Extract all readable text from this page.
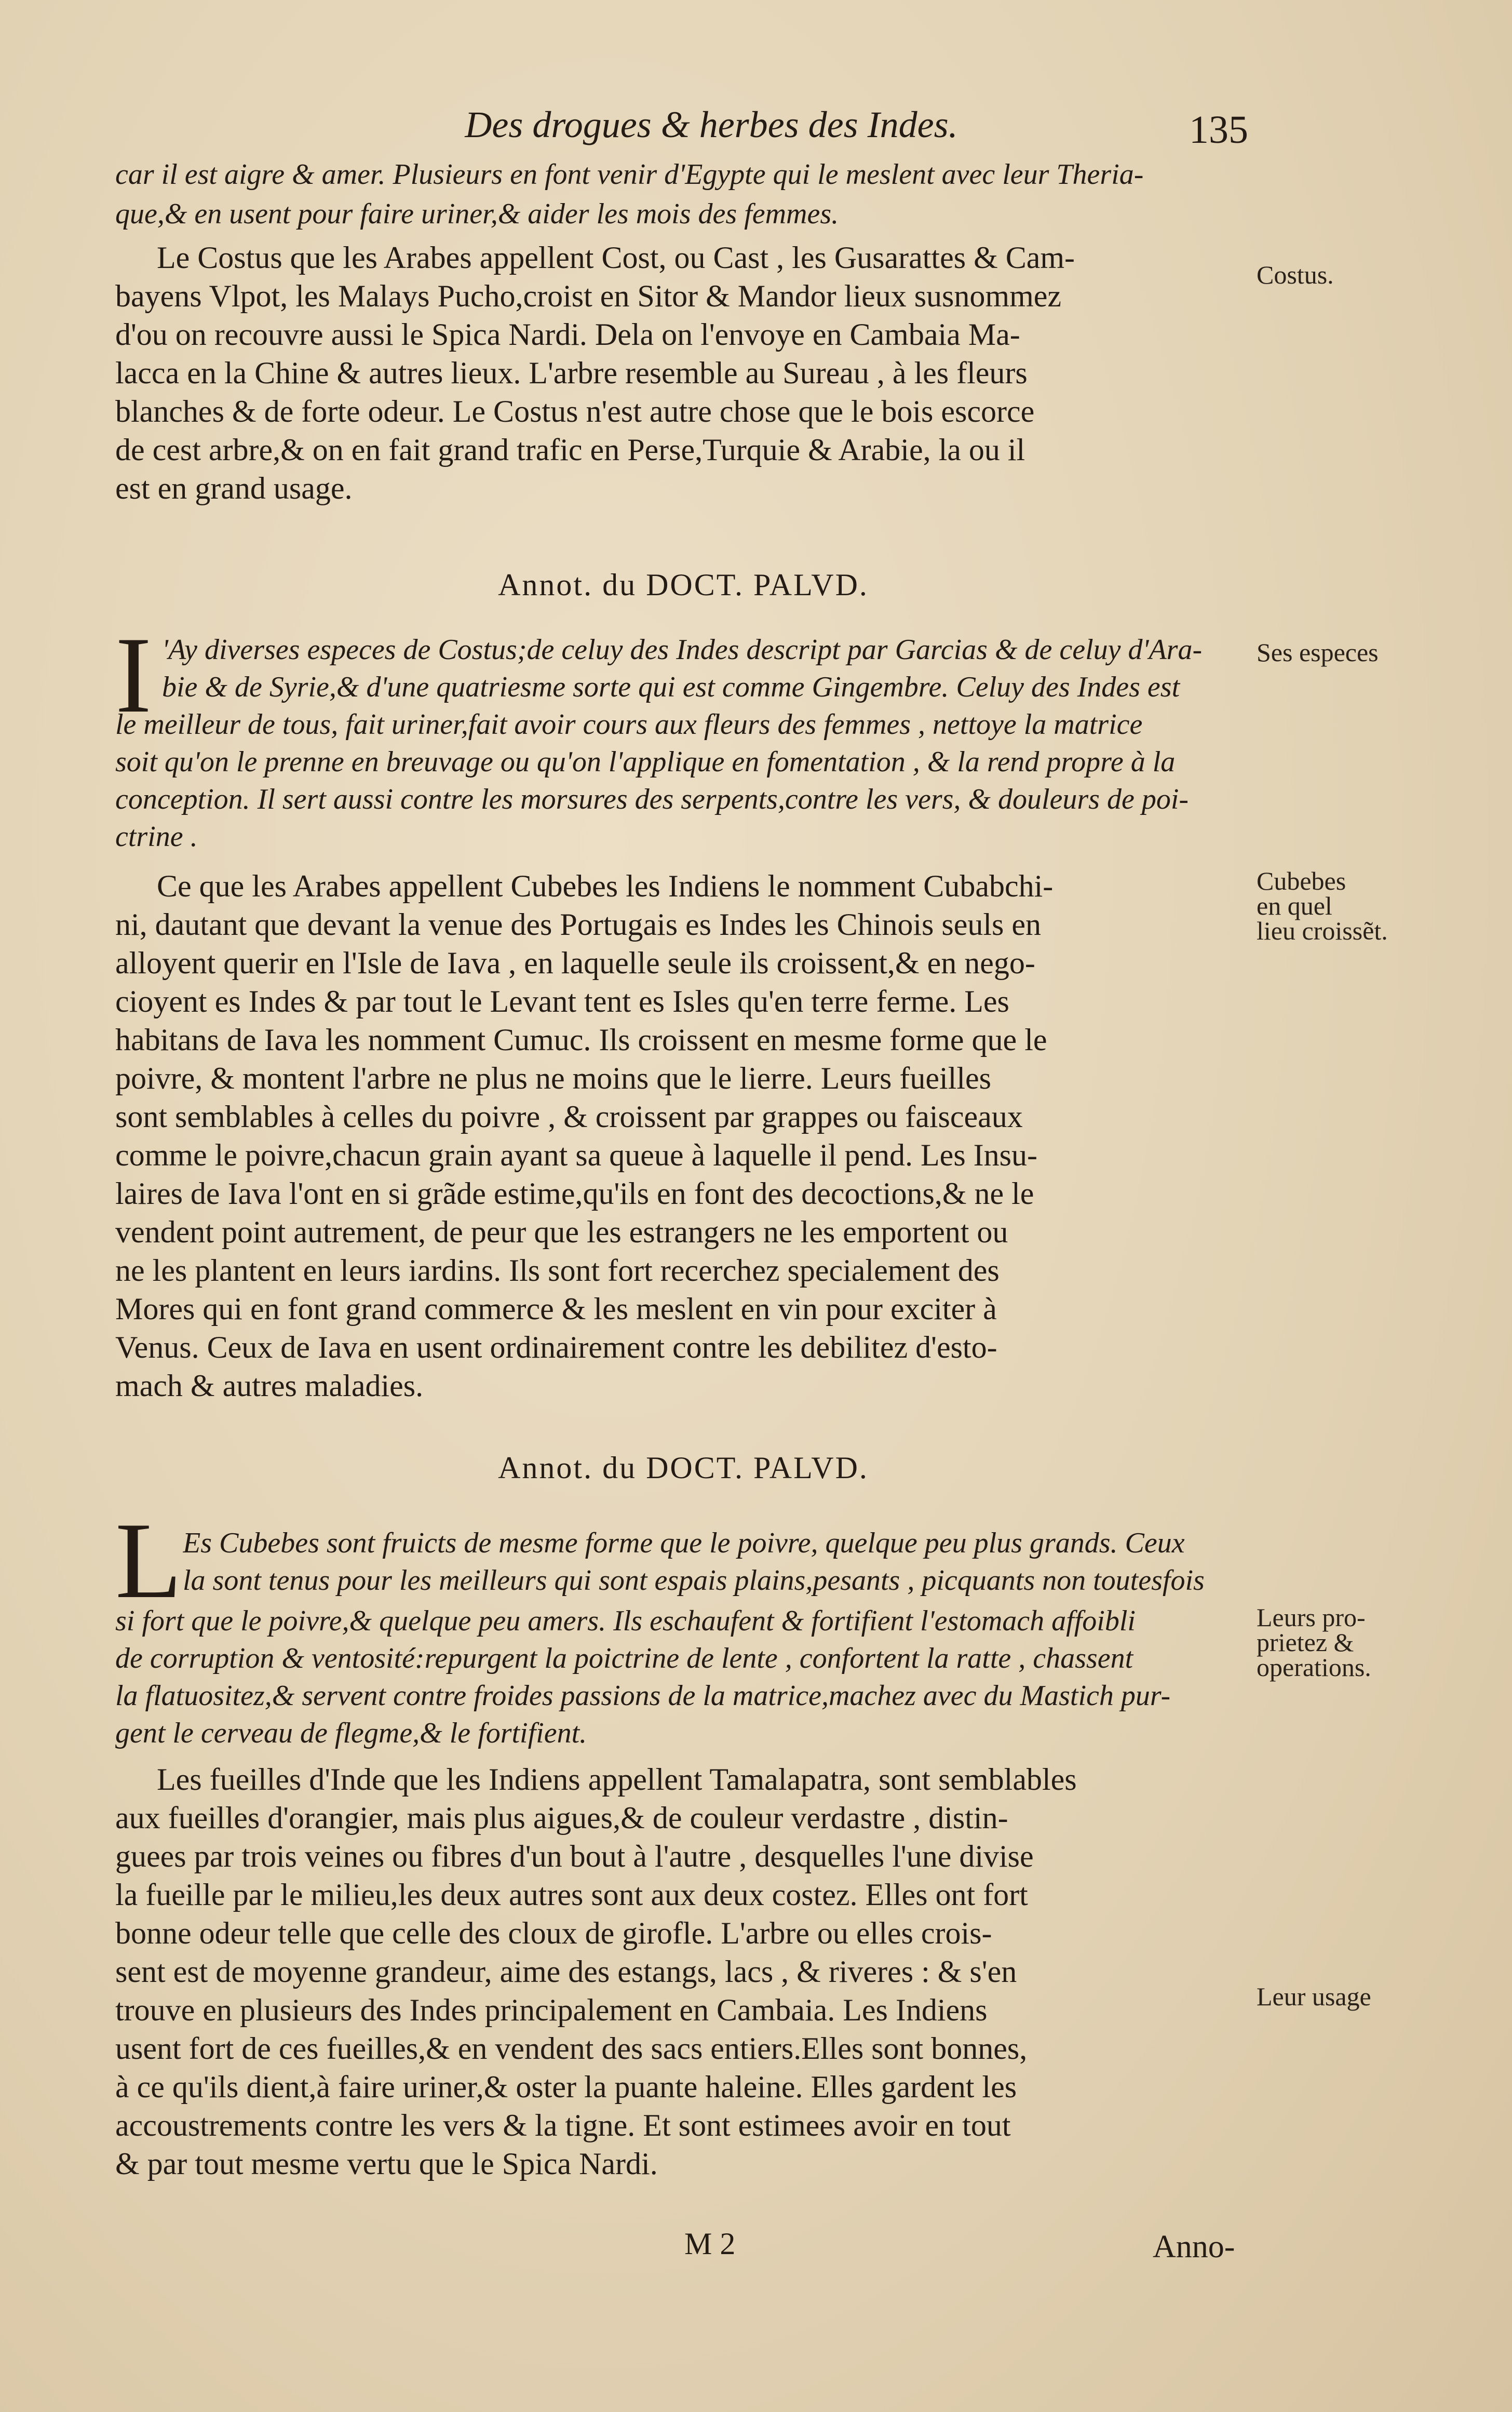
Des drogues & herbes des Indes.	135
car il est aigre & amer. Plusieurs en font venir d'Egypte qui le meslent avec leur Theria-
que,& en usent pour faire uriner,& aider les mois des femmes.
Le Costus que les Arabes appellent Cost, ou Cast , les Gusarattes & Cam-
bayens Vlpot, les Malays Pucho,croist en Sitor & Mandor lieux susnommez
d'ou on recouvre aussi le Spica Nardi. Dela on l'envoye en Cambaia Ma-
lacca en la Chine & autres lieux. L'arbre resemble au Sureau , à les fleurs
blanches & de forte odeur. Le Costus n'est autre chose que le bois escorce
de cest arbre,& on en fait grand trafic en Perse,Turquie & Arabie, la ou il
est en grand usage.
Costus.
Annot. du DOCT. PALVD.
I 'Ay diverses especes de Costus;de celuy des Indes descript par Garcias & de celuy d'Ara-
bie & de Syrie,& d'une quatriesme sorte qui est comme Gingembre. Celuy des Indes est
le meilleur de tous, fait uriner,fait avoir cours aux fleurs des femmes , nettoye la matrice
soit qu'on le prenne en breuvage ou qu'on l'applique en fomentation , & la rend propre à la
conception. Il sert aussi contre les morsures des serpents,contre les vers, & douleurs de poi-
ctrine .
Ses especes
Ce que les Arabes appellent Cubebes les Indiens le nomment Cubabchi-
ni, dautant que devant la venue des Portugais es Indes les Chinois seuls en
alloyent querir en l'Isle de Iava , en laquelle seule ils croissent,& en nego-
cioyent es Indes & par tout le Levant tent es Isles qu'en terre ferme. Les
habitans de Iava les nomment Cumuc. Ils croissent en mesme forme que le
poivre, & montent l'arbre ne plus ne moins que le lierre. Leurs fueilles
sont semblables à celles du poivre , & croissent par grappes ou faisceaux
comme le poivre,chacun grain ayant sa queue à laquelle il pend. Les Insu-
laires de Iava l'ont en si grãde estime,qu'ils en font des decoctions,& ne le
vendent point autrement, de peur que les estrangers ne les emportent ou
ne les plantent en leurs iardins. Ils sont fort recerchez specialement des
Mores qui en font grand commerce & les meslent en vin pour exciter à
Venus. Ceux de Iava en usent ordinairement contre les debilitez d'esto-
mach & autres maladies.
Cubebes
en quel
lieu croissẽt.
Annot. du DOCT. PALVD.
L Es Cubebes sont fruicts de mesme forme que le poivre, quelque peu plus grands. Ceux
la sont tenus pour les meilleurs qui sont espais plains,pesants , picquants non toutesfois
si fort que le poivre,& quelque peu amers. Ils eschaufent & fortifient l'estomach affoibli
de corruption & ventosité:repurgent la poictrine de lente , confortent la ratte , chassent
la flatuositez,& servent contre froides passions de la matrice,machez avec du Mastich pur-
gent le cerveau de flegme,& le fortifient.
Leurs pro-
prietez &
operations.
Les fueilles d'Inde que les Indiens appellent Tamalapatra, sont semblables
aux fueilles d'orangier, mais plus aigues,& de couleur verdastre , distin-
guees par trois veines ou fibres d'un bout à l'autre , desquelles l'une divise
la fueille par le milieu,les deux autres sont aux deux costez. Elles ont fort
bonne odeur telle que celle des cloux de girofle. L'arbre ou elles crois-
sent est de moyenne grandeur, aime des estangs, lacs , & riveres : & s'en
trouve en plusieurs des Indes principalement en Cambaia. Les Indiens
usent fort de ces fueilles,& en vendent des sacs entiers.Elles sont bonnes,
à ce qu'ils dient,à faire uriner,& oster la puante haleine. Elles gardent les
accoustrements contre les vers & la tigne. Et sont estimees avoir en tout
& par tout mesme vertu que le Spica Nardi.
Leur usage
M 2	Anno-
